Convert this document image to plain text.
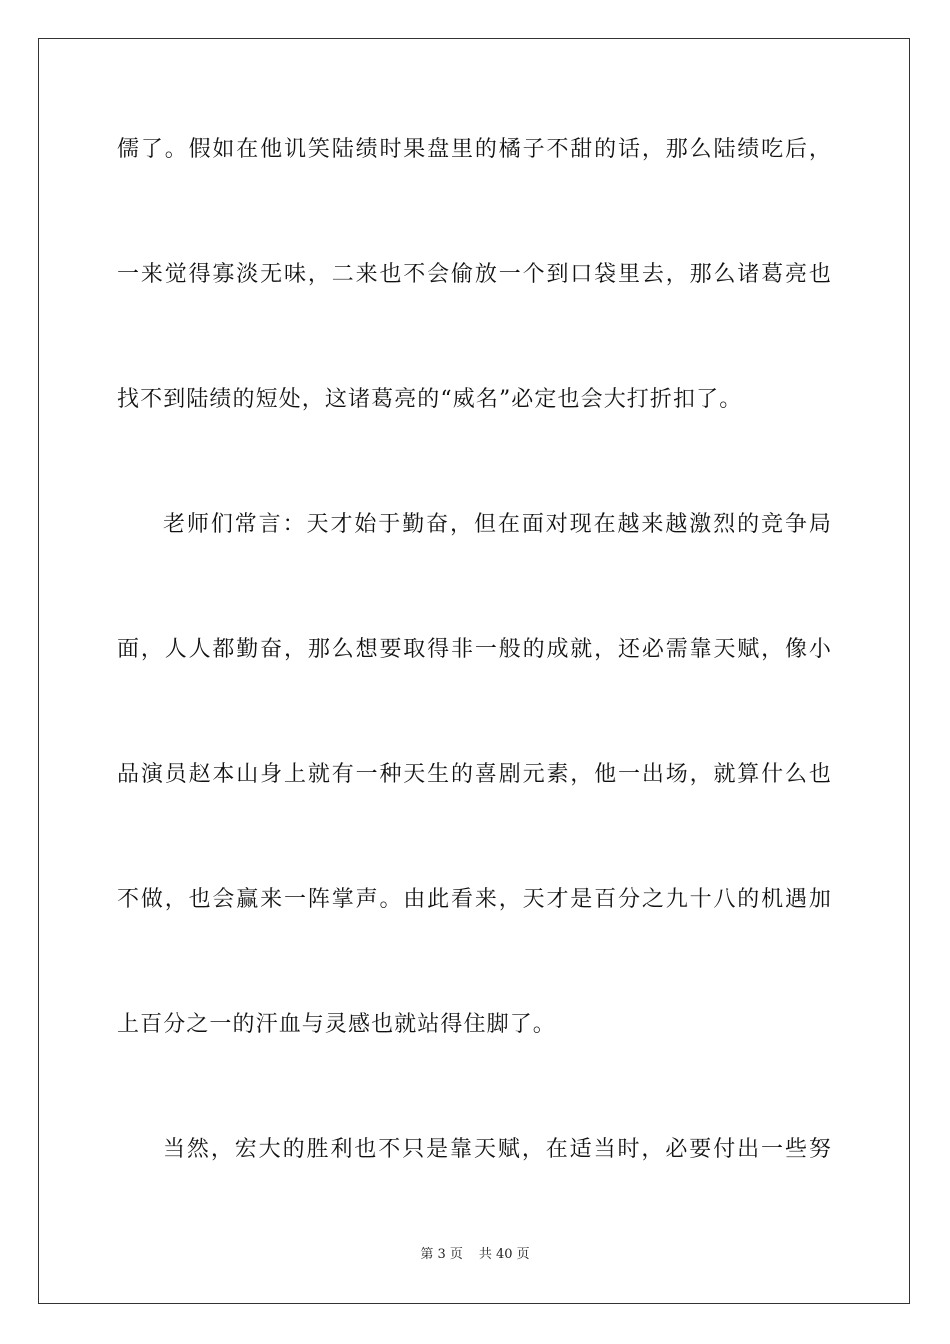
儒了。假如在他讥笑陆绩时果盘里的橘子不甜的话，那么陆绩吃后，
一来觉得寡淡无味，二来也不会偷放一个到口袋里去，那么诸葛亮也
找不到陆绩的短处，这诸葛亮的“威名”必定也会大打折扣了。
老师们常言：天才始于勤奋，但在面对现在越来越激烈的竞争局
面，人人都勤奋，那么想要取得非一般的成就，还必需靠天赋，像小
品演员赵本山身上就有一种天生的喜剧元素，他一出场，就算什么也
不做，也会赢来一阵掌声。由此看来，天才是百分之九十八的机遇加
上百分之一的汗血与灵感也就站得住脚了。
当然，宏大的胜利也不只是靠天赋，在适当时，必要付出一些努
第 3 页 共 40 页
